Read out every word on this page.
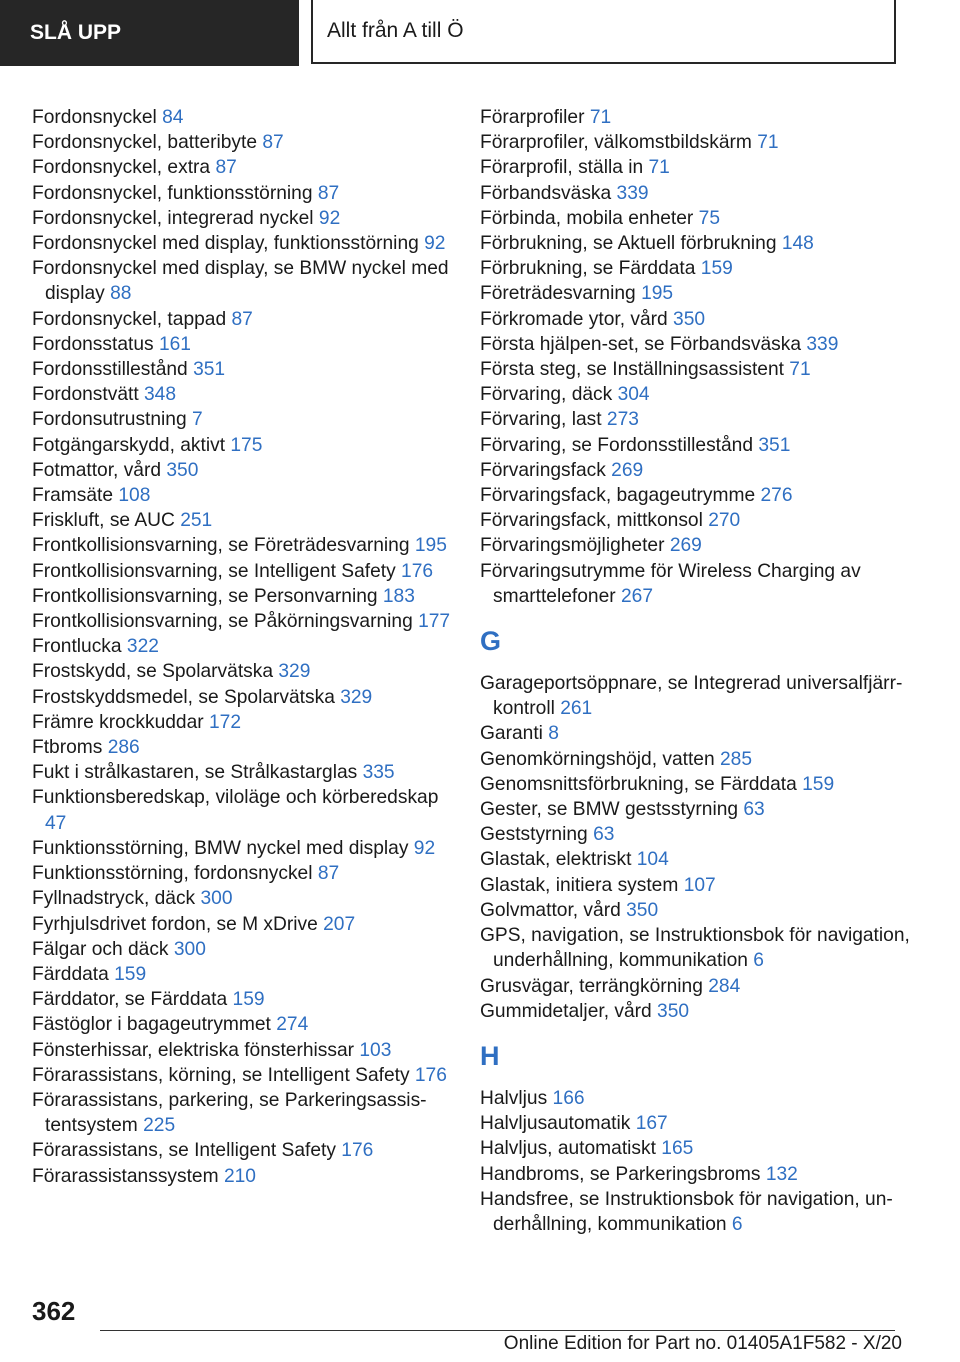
SLÅ UPP	Allt från A till Ö
Fordonsnyckel 84
Fordonsnyckel, batteribyte 87
Fordonsnyckel, extra 87
Fordonsnyckel, funktionsstörning 87
Fordonsnyckel, integrerad nyckel 92
Fordonsnyckel med display, funktionsstörning 92
Fordonsnyckel med display, se BMW nyckel med display 88
Fordonsnyckel, tappad 87
Fordonsstatus 161
Fordonsstillestånd 351
Fordonstvätt 348
Fordonsutrustning 7
Fotgängarskydd, aktivt 175
Fotmattor, vård 350
Framsäte 108
Friskluft, se AUC 251
Frontkollisionsvarning, se Företrädesvarning 195
Frontkollisionsvarning, se Intelligent Safety 176
Frontkollisionsvarning, se Personvarning 183
Frontkollisionsvarning, se Påkörningsvarning 177
Frontlucka 322
Frostskydd, se Spolarvätska 329
Frostskyddsmedel, se Spolarvätska 329
Främre krockkuddar 172
Ftbroms 286
Fukt i strålkastaren, se Strålkastarglas 335
Funktionsberedskap, viloläge och körberedskap 47
Funktionsstörning, BMW nyckel med display 92
Funktionsstörning, fordonsnyckel 87
Fyllnadstryck, däck 300
Fyrhjulsdrivet fordon, se M xDrive 207
Fälgar och däck 300
Färddata 159
Färddator, se Färddata 159
Fästöglor i bagageutrymmet 274
Fönsterhissar, elektriska fönsterhissar 103
Förarassistans, körning, se Intelligent Safety 176
Förarassistans, parkering, se Parkeringsassistentsystem 225
Förarassistans, se Intelligent Safety 176
Förarassistanssystem 210
Förarprofiler 71
Förarprofiler, välkomstbildskärm 71
Förarprofil, ställa in 71
Förbandsväska 339
Förbinda, mobila enheter 75
Förbrukning, se Aktuell förbrukning 148
Förbrukning, se Färddata 159
Företrädesvarning 195
Förkromade ytor, vård 350
Första hjälpen-set, se Förbandsväska 339
Första steg, se Inställningsassistent 71
Förvaring, däck 304
Förvaring, last 273
Förvaring, se Fordonsstillestånd 351
Förvaringsfack 269
Förvaringsfack, bagageutrymme 276
Förvaringsfack, mittkonsol 270
Förvaringsmöjligheter 269
Förvaringsutrymme för Wireless Charging av smarttelefoner 267
G
Garageportsöppnare, se Integrerad universalfjärrkontroll 261
Garanti 8
Genomkörningshöjd, vatten 285
Genomsnittsförbrukning, se Färddata 159
Gester, se BMW gestsstyrning 63
Geststyrning 63
Glastak, elektriskt 104
Glastak, initiera system 107
Golvmattor, vård 350
GPS, navigation, se Instruktionsbok för navigation, underhållning, kommunikation 6
Grusvägar, terrängkörning 284
Gummidetaljer, vård 350
H
Halvljus 166
Halvljusautomatik 167
Halvljus, automatiskt 165
Handbroms, se Parkeringsbroms 132
Handsfree, se Instruktionsbok för navigation, underhållning, kommunikation 6
362
Online Edition for Part no. 01405A1F582 - X/20
